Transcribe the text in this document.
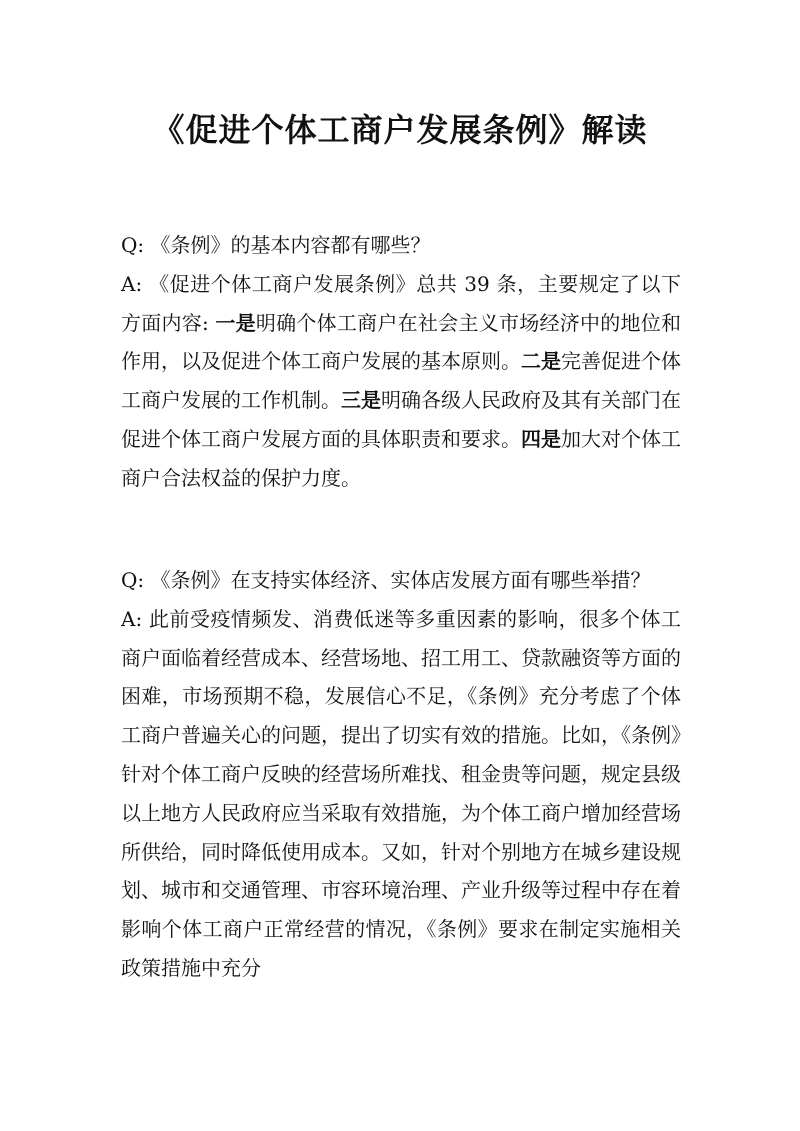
《促进个体工商户发展条例》解读
Q: 《条例》的基本内容都有哪些？
A: 《促进个体工商户发展条例》总共 39 条，主要规定了以下方面内容: 一是明确个体工商户在社会主义市场经济中的地位和作用，以及促进个体工商户发展的基本原则。二是完善促进个体工商户发展的工作机制。三是明确各级人民政府及其有关部门在促进个体工商户发展方面的具体职责和要求。四是加大对个体工商户合法权益的保护力度。
Q: 《条例》在支持实体经济、实体店发展方面有哪些举措？
A: 此前受疫情频发、消费低迷等多重因素的影响，很多个体工商户面临着经营成本、经营场地、招工用工、贷款融资等方面的困难，市场预期不稳，发展信心不足，《条例》充分考虑了个体工商户普遍关心的问题，提出了切实有效的措施。比如，《条例》针对个体工商户反映的经营场所难找、租金贵等问题，规定县级以上地方人民政府应当采取有效措施，为个体工商户增加经营场所供给，同时降低使用成本。又如，针对个别地方在城乡建设规划、城市和交通管理、市容环境治理、产业升级等过程中存在着影响个体工商户正常经营的情况，《条例》要求在制定实施相关政策措施中充分
